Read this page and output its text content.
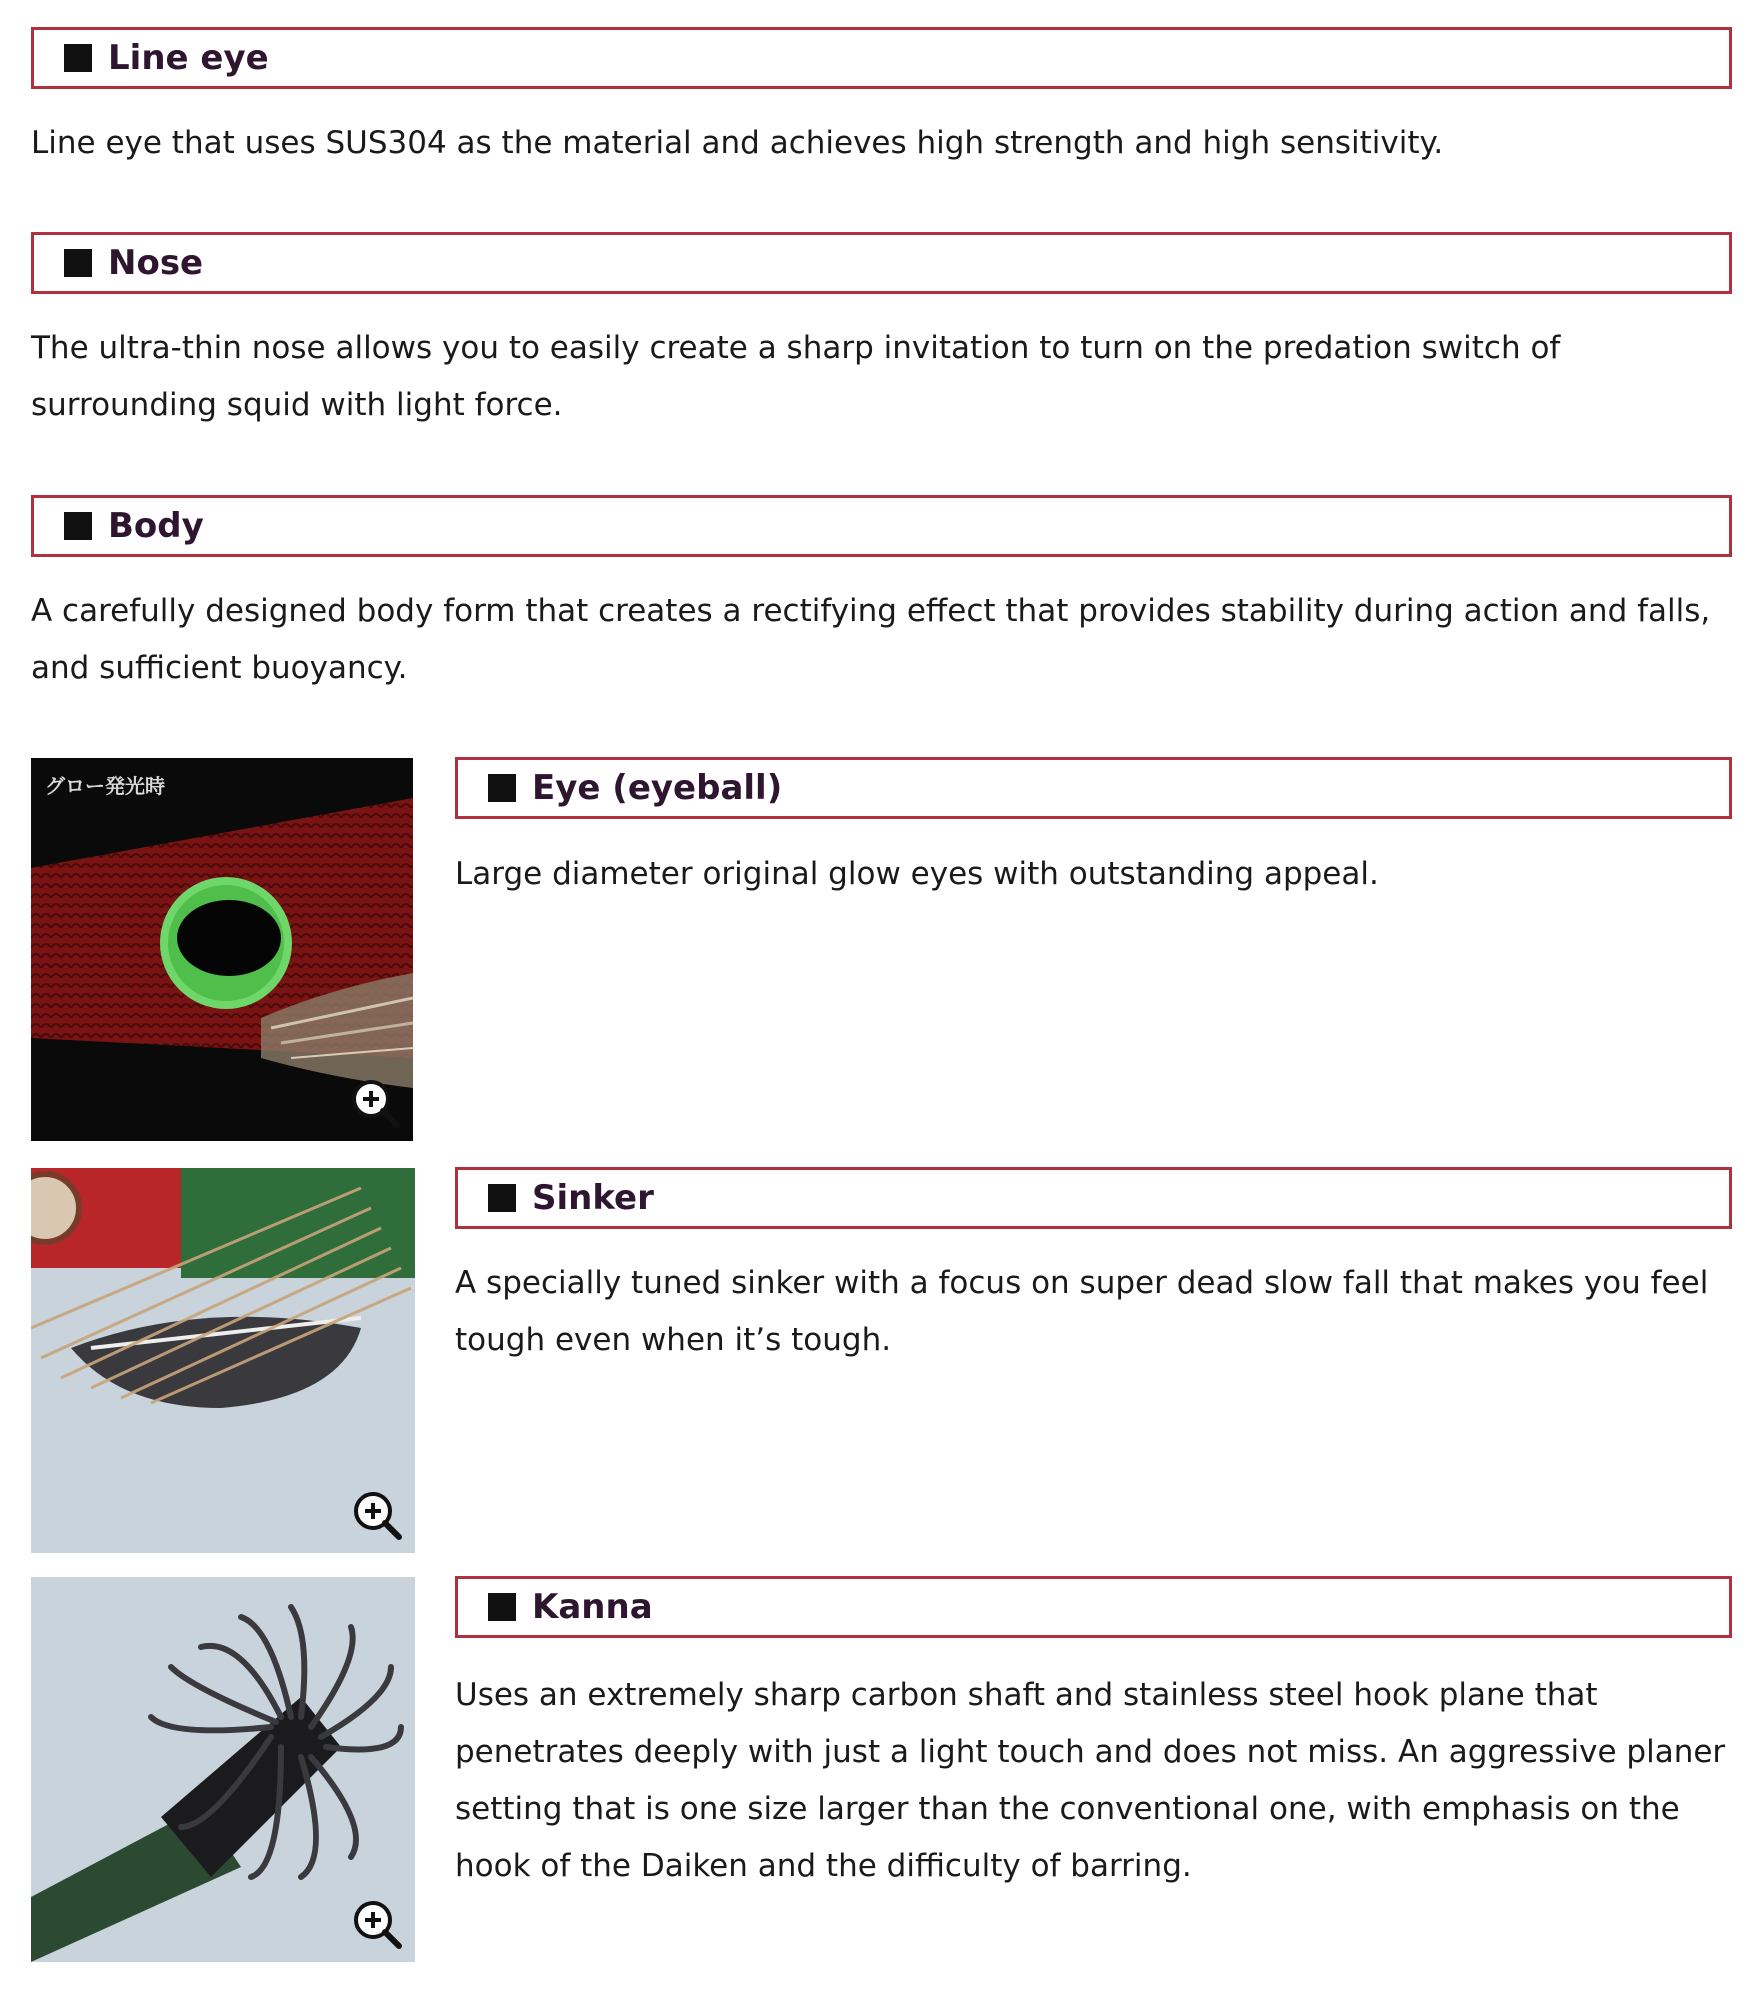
Line eye
Line eye that uses SUS304 as the material and achieves high strength and high sensitivity.
Nose
The ultra-thin nose allows you to easily create a sharp invitation to turn on the predation switch of surrounding squid with light force.
Body
A carefully designed body form that creates a rectifying effect that provides stability during action and falls, and sufficient buoyancy.
グロー発光時	Eye (eyeball)
Large diameter original glow eyes with outstanding appeal.
Sinker
A specially tuned sinker with a focus on super dead slow fall that makes you feel tough even when it’s tough.
Kanna
Uses an extremely sharp carbon shaft and stainless steel hook plane that penetrates deeply with just a light touch and does not miss. An aggressive planer setting that is one size larger than the conventional one, with emphasis on the hook of the Daiken and the difficulty of barring.
